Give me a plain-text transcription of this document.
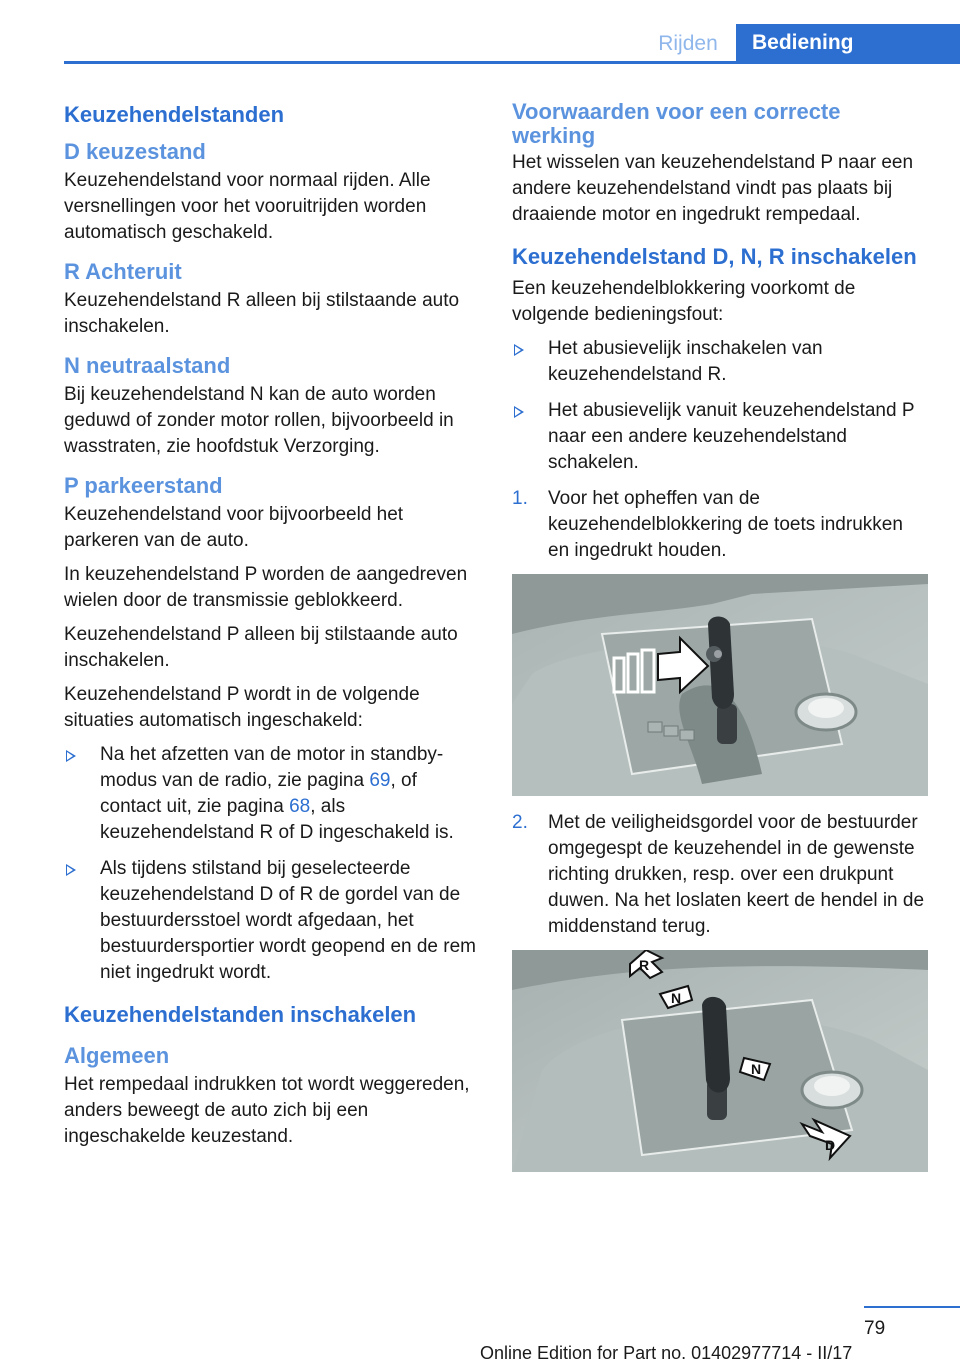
Rijden	Bediening
Keuzehendelstanden
D keuzestand

Keuzehendelstand voor normaal rijden. Alle versnellingen voor het vooruitrijden worden automatisch geschakeld.

R Achteruit

Keuzehendelstand R alleen bij stilstaande auto inschakelen.

N neutraalstand

Bij keuzehendelstand N kan de auto worden geduwd of zonder motor rollen, bijvoorbeeld in wasstraten, zie hoofdstuk Verzorging.

P parkeerstand

Keuzehendelstand voor bijvoorbeeld het parkeren van de auto.

In keuzehendelstand P worden de aangedreven wielen door de transmissie geblokkeerd.

Keuzehendelstand P alleen bij stilstaande auto inschakelen.

Keuzehendelstand P wordt in de volgende situaties automatisch ingeschakeld:

Na het afzetten van de motor in standby-modus van de radio, zie pagina 69, of contact uit, zie pagina 68, als keuzehendelstand R of D ingeschakeld is.
Als tijdens stilstand bij geselecteerde keuzehendelstand D of R de gordel van de bestuurdersstoel wordt afgedaan, het bestuurdersportier wordt geopend en de rem niet ingedrukt wordt.
Keuzehendelstanden inschakelen
Algemeen

Het rempedaal indrukken tot wordt weggereden, anders beweegt de auto zich bij een ingeschakelde keuzestand.

Voorwaarden voor een correcte werking

Het wisselen van keuzehendelstand P naar een andere keuzehendelstand vindt pas plaats bij draaiende motor en ingedrukt rempedaal.

Keuzehendelstand D, N, R inschakelen

Een keuzehendelblokkering voorkomt de volgende bedieningsfout:

Het abusievelijk inschakelen van keuzehendelstand R.
Het abusievelijk vanuit keuzehendelstand P naar een andere keuzehendelstand schakelen.
1.	Voor het opheffen van de keuzehendelblokkering de toets indrukken en ingedrukt houden.
2.	Met de veiligheidsgordel voor de bestuurder omgegespt de keuzehendel in de gewenste richting drukken, resp. over een drukpunt duwen. Na het loslaten keert de hendel in de middenstand terug.
R
N
N
D
79
Online Edition for Part no. 01402977714 - II/17
